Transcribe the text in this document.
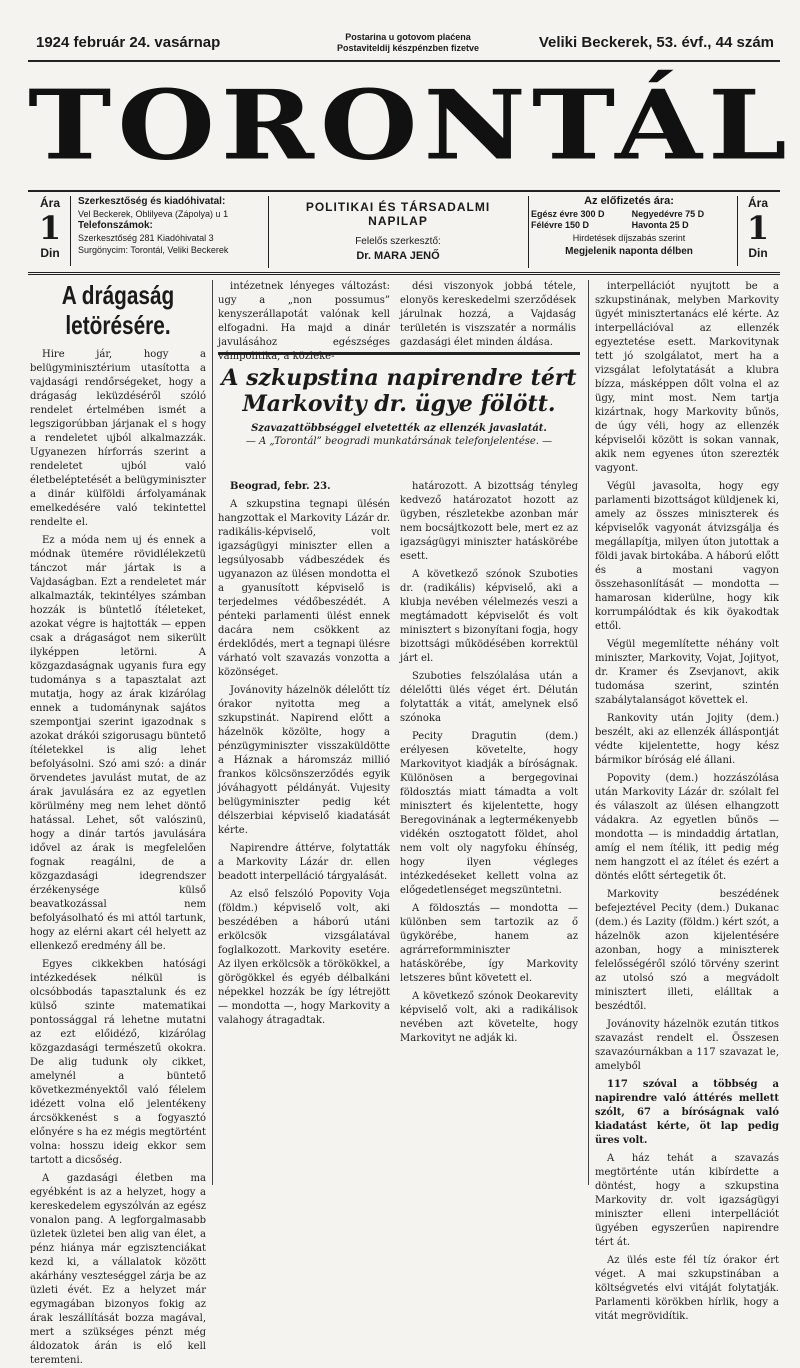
1924 február 24. vasárnap	Postarina u gotovom plaćena
Postaviteldij készpénzben fizetve	Veliki Beckerek, 53. évf., 44 szám
TORONTÁL
Ára
1
Din
Szerkesztőség és kiadóhivatal:
Vel Beckerek, Oblilyeva (Zápolya) u 1
Telefonszámok:
Szerkesztőség 281 Kiadóhivatal 3
Surgönycim: Torontál, Veliki Beckerek
POLITIKAI ÉS TÁRSADALMI NAPILAP
Felelős szerkesztő:
Dr. MARA JENŐ
Az előfizetés ára:
Egész évre 300 D	Negyedévre 75 D
Félévre 150 D	Havonta 25 D
Hirdetések díjszabás szerint
Megjelenik naponta délben
Ára
1
Din
A drágaság letörésére.

Hire jár, hogy a belügyminisztérium utasította a vajdasági rendőrségeket, hogy a drágaság leküzdéséről szóló rendelet értelmében ismét a legszigorúbban járjanak el s hogy a rendeletet ujból alkalmazzák. Ugyanezen hírforrás szerint a rendeletet ujból való életbeléptetését a belügyminiszter a dinár külföldi árfolyamának emelkedésére való tekintettel rendelte el.

Ez a móda nem uj és ennek a módnak ütemére rövidlélekzetü tánczot már jártak is a Vajdaságban. Ezt a rendeletet már alkalmazták, tekintélyes számban hozzák is büntetlő ítéleteket, azokat végre is hajtották — eppen csak a drágaságot nem sikerült ilyképpen letörni. A közgazdaságnak ugyanis fura egy tudománya s a tapasztalat azt mutatja, hogy az árak kizárólag ennek a tudománynak sajátos szempontjai szerint igazodnak s azokat drákói szigorusagu büntető ítéletekkel is alig lehet befolyásolni. Szó ami szó: a dinár örvendetes javulást mutat, de az árak javulására ez az egyetlen körülmény meg nem lehet döntő hatással. Lehet, sőt valószinü, hogy a dinár tartós javulására idővel az árak is megfelelően fognak reagálni, de a közgazdasági idegrendszer érzékenysége külső beavatkozással nem befolyásolható és mi attól tartunk, hogy az elérni akart cél helyett az ellenkező eredmény áll be.

Egyes cikkekben hatósági intézkedések nélkül is olcsóbbodás tapasztalunk és ez külső szinte matematikai pontossággal rá lehetne mutatni az ezt előidéző, kizárólag közgazdasági természetű okokra. De alig tudunk oly cikket, amelynél a büntető következményektől való félelem idézett volna elő jelentékeny árcsökkenést s a fogyasztó előnyére s ha ez mégis megtörtént volna: hosszu ideig ekkor sem tartott a dicsőség.

A gazdasági életben ma egyébként is az a helyzet, hogy a kereskedelem egyszólván az egész vonalon pang. A legforgalmasabb üzletek üzletei ben alig van élet, a pénz hiánya már egzisztenciákat kezd ki, a vállalatok között akárhány veszteséggel zárja be az üzleti évét. Ez a helyzet már egymagában bizonyos fokig az árak leszállítását bozza magával, mert a szükséges pénzt még áldozatok árán is elő kell teremteni.

intézetnek lényeges változást: ugy a „non possumus” kenyszerállapotát valónak kell elfogadni. Ha majd a dinár javulásához egészséges vámpolitika, a közleke-

dési viszonyok jobbá tétele, elonyös kereskedelmi szerződések járulnak hozzá, a Vajdaság területén is viszszatér a normális gazdasági élet minden áldása.

A szkupstina napirendre tért Markovity dr. ügye fölött.
Szavazattöbbséggel elvetették az ellenzék javaslatát.
— A „Torontál” beogradi munkatársának telefonjelentése. —

Beograd, febr. 23.

A szkupstina tegnapi ülésén hangzottak el Markovity Lázár dr. radikális-képviselő, volt igazságügyi miniszter ellen a legsúlyosabb vádbeszédek és ugyanazon az ülésen mondotta el a gyanusított képviselő is terjedelmes védőbeszédét. A pénteki parlamenti ülést ennek dacára nem csökkent az érdeklődés, mert a tegnapi ülésre várható volt szavazás vonzotta a közönséget.

Jovánovity házelnök délelőtt tíz órakor nyitotta meg a szkupstinát. Napirend előtt a házelnök közölte, hogy a pénzügyminiszter visszaküldötte a Háznak a háromszáz millió frankos kölcsönszerződés egyik jóváhagyott példányát. Vujesity belügyminiszter pedig két délszerbiai képviselő kiadatását kérte.

Napirendre áttérve, folytatták a Markovity Lázár dr. ellen beadott interpelláció tárgyalását.

Az első felszóló Popovity Voja (földm.) képviselő volt, aki beszédében a háború utáni erkölcsök vizsgálatával foglalkozott. Markovity esetére. Az ilyen erkölcsök a törökökkel, a görögökkel és egyéb délbalkáni népekkel hozzák be így létrejött — mondotta —, hogy Markovity a valahogy átragadtak.

határozott. A bizottság tényleg kedvező határozatot hozott az ügyben, részletekbe azonban már nem bocsájtkozott bele, mert ez az igazságügyi miniszter hatáskörébe esett.

A következő szónok Szuboties dr. (radikális) képviselő, aki a klubja nevében vélelmezés veszi a megtámadott képviselőt és volt minisztert s bizonyítani fogja, hogy bizottsági működésében korrektül járt el.

Szuboties felszólalása után a délelőtti ülés véget ért. Délután folytatták a vitát, amelynek első szónoka

Pecity Dragutin (dem.) erélyesen követelte, hogy Markovityot kiadják a bíróságnak. Különösen a bergegovinai földosztás miatt támadta a volt minisztert és kijelentette, hogy Beregovinának a legtermékenyebb vidékén osztogatott földet, ahol nem volt oly nagyfoku éhínség, hogy ilyen végleges intézkedéseket kellett volna az előgedetlenséget megszüntetni.

A földosztás — mondotta — különben sem tartozik az ő ügykörébe, hanem az agrárreformminiszter hatáskörébe, így Markovity letszeres bűnt követett el.

A következő szónok Deokarevity képviselő volt, aki a radikálisok nevében azt követelte, hogy Markovityt ne adják ki.

interpellációt nyujtott be a szkupstinának, melyben Markovity ügyét minisztertanács elé kérte. Az interpellációval az ellenzék egyeztetése esett. Markovitynak tett jó szolgálatot, mert ha a vizsgálat lefolytatását a klubra bízza, másképpen dőlt volna el az ügy, mint most. Nem tartja kizártnak, hogy Markovity bűnös, de úgy véli, hogy az ellenzék képviselői között is sokan vannak, akik nem egyenes úton szerezték vagyont.

Végül javasolta, hogy egy parlamenti bizottságot küldjenek ki, amely az összes miniszterek és képviselők vagyonát átvizsgálja és megállapítja, milyen úton jutottak a földi javak birtokába. A háború előtt és a mostani vagyon összehasonlítását — mondotta — hamarosan kiderülne, hogy kik korrumpálódtak és kik öyakodtak ettől.

Végül megemlítette néhány volt miniszter, Markovity, Vojat, Jojityot, dr. Kramer és Zsevjanovt, akik tudomása szerint, szintén szabálytalanságot követtek el.

Rankovity után Jojity (dem.) beszélt, aki az ellenzék álláspontját védte kijelentette, hogy kész bármikor bíróság elé állani.

Popovity (dem.) hozzászólása után Markovity Lázár dr. szólalt fel és válaszolt az ülésen elhangzott vádakra. Az egyetlen bűnös — mondotta — is mindaddig ártatlan, amíg el nem ítélik, itt pedig még nem hangzott el az ítélet és ezért a döntés előtt sértegetik őt.

Markovity beszédének befejeztével Pecity (dem.) Dukanac (dem.) és Lazity (földm.) kért szót, a házelnök azon kijelentésére azonban, hogy a miniszterek felelősségéről szóló törvény szerint az utolsó szó a megvádolt minisztert illeti, elálltak a beszédtől.

Jovánovity házelnök ezután titkos szavazást rendelt el. Összesen szavazóurnákban a 117 szavazat le, amelyből

117 szóval a többség a napirendre való áttérés mellett szólt, 67 a bíróságnak való kiadatást kérte, öt lap pedig üres volt.

A ház tehát a szavazás megtörténte után kibírdette a döntést, hogy a szkupstina Markovity dr. volt igazságügyi miniszter elleni interpellációt ügyében egyszerűen napirendre tért át.

Az ülés este fél tíz órakor ért véget. A mai szkupstinában a költségvetés elvi vitáját folytatják. Parlamenti körökben hírlik, hogy a vitát megrövidítik.
